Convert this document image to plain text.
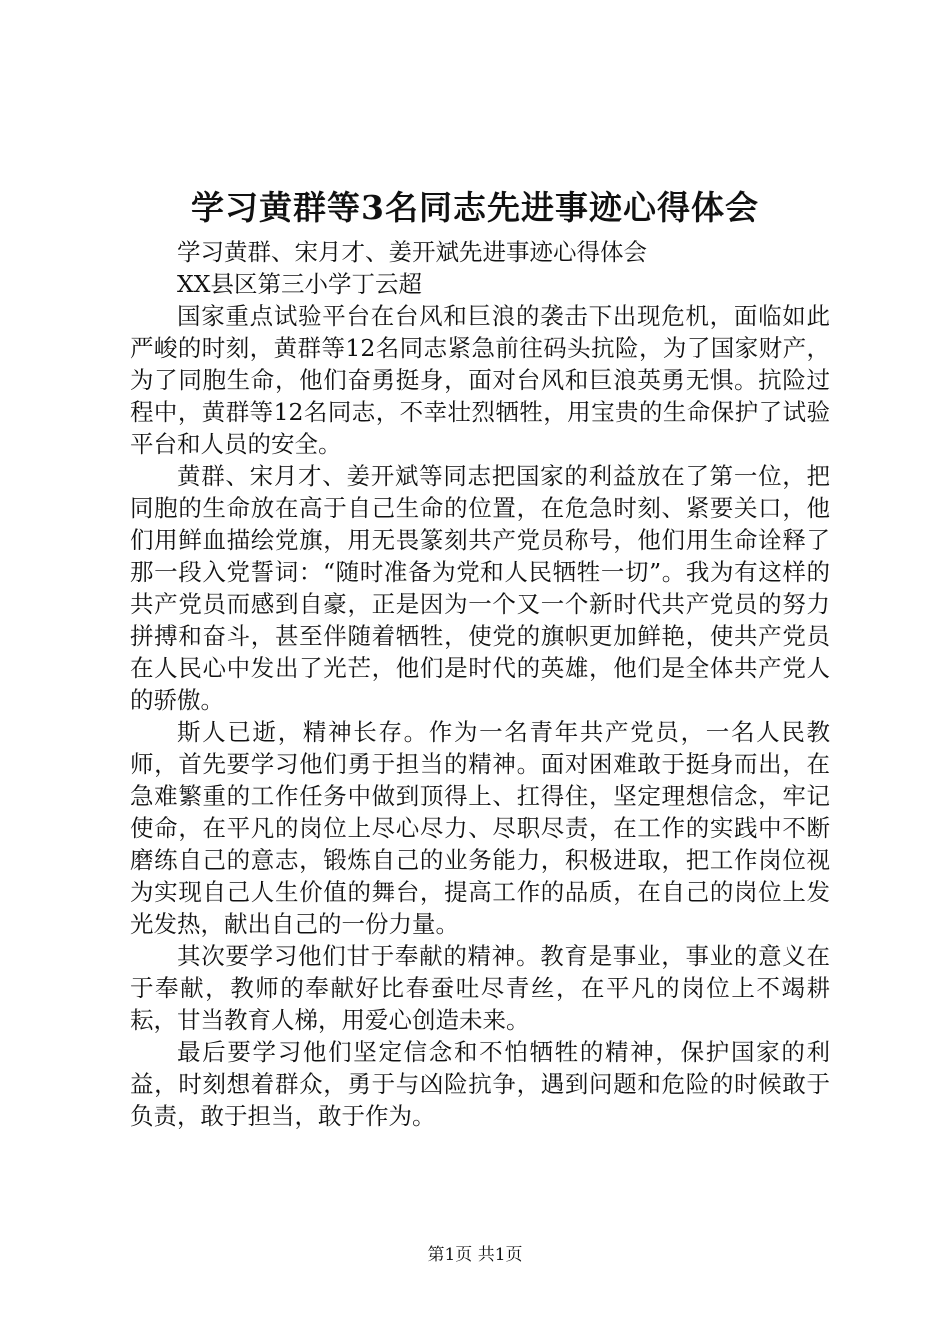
学习黄群等3名同志先进事迹心得体会

学习黄群、宋月才、姜开斌先进事迹心得体会

XX县区第三小学丁云超

国家重点试验平台在台风和巨浪的袭击下出现危机，面临如此严峻的时刻，黄群等12名同志紧急前往码头抗险，为了国家财产，为了同胞生命，他们奋勇挺身，面对台风和巨浪英勇无惧。抗险过程中，黄群等12名同志，不幸壮烈牺牲，用宝贵的生命保护了试验平台和人员的安全。

黄群、宋月才、姜开斌等同志把国家的利益放在了第一位，把同胞的生命放在高于自己生命的位置，在危急时刻、紧要关口，他们用鲜血描绘党旗，用无畏篆刻共产党员称号，他们用生命诠释了那一段入党誓词：“随时准备为党和人民牺牲一切”。我为有这样的共产党员而感到自豪，正是因为一个又一个新时代共产党员的努力拼搏和奋斗，甚至伴随着牺牲，使党的旗帜更加鲜艳，使共产党员在人民心中发出了光芒，他们是时代的英雄，他们是全体共产党人的骄傲。

斯人已逝，精神长存。作为一名青年共产党员，一名人民教师，首先要学习他们勇于担当的精神。面对困难敢于挺身而出，在急难繁重的工作任务中做到顶得上、扛得住，坚定理想信念，牢记使命，在平凡的岗位上尽心尽力、尽职尽责，在工作的实践中不断磨练自己的意志，锻炼自己的业务能力，积极进取，把工作岗位视为实现自己人生价值的舞台，提高工作的品质，在自己的岗位上发光发热，献出自己的一份力量。

其次要学习他们甘于奉献的精神。教育是事业，事业的意义在于奉献，教师的奉献好比春蚕吐尽青丝，在平凡的岗位上不竭耕耘，甘当教育人梯，用爱心创造未来。

最后要学习他们坚定信念和不怕牺牲的精神，保护国家的利益，时刻想着群众，勇于与凶险抗争，遇到问题和危险的时候敢于负责，敢于担当，敢于作为。

第1页 共1页
